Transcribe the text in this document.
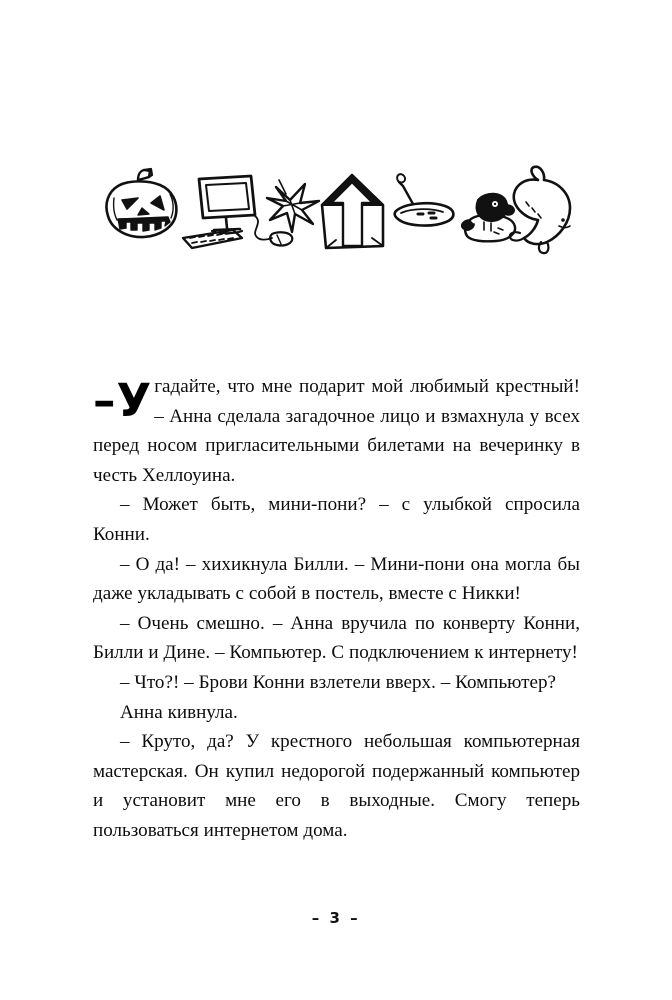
–У гадайте, что мне подарит мой любимый крестный! – Анна сделала загадочное лицо и взмахнула у всех перед носом пригласительными билетами на вечеринку в честь Хеллоуина.

– Может быть, мини-пони? – с улыбкой спросила Конни.

– О да! – хихикнула Билли. – Мини-пони она могла бы даже укладывать с собой в постель, вместе с Никки!

– Очень смешно. – Анна вручила по конверту Конни, Билли и Дине. – Компьютер. С подключением к интернету!

– Что?! – Брови Конни взлетели вверх. – Компьютер?

Анна кивнула.

– Круто, да? У крестного небольшая компьютерная мастерская. Он купил недорогой подержанный компьютер и установит мне его в выходные. Смогу теперь пользоваться интернетом дома.

– 3 –
